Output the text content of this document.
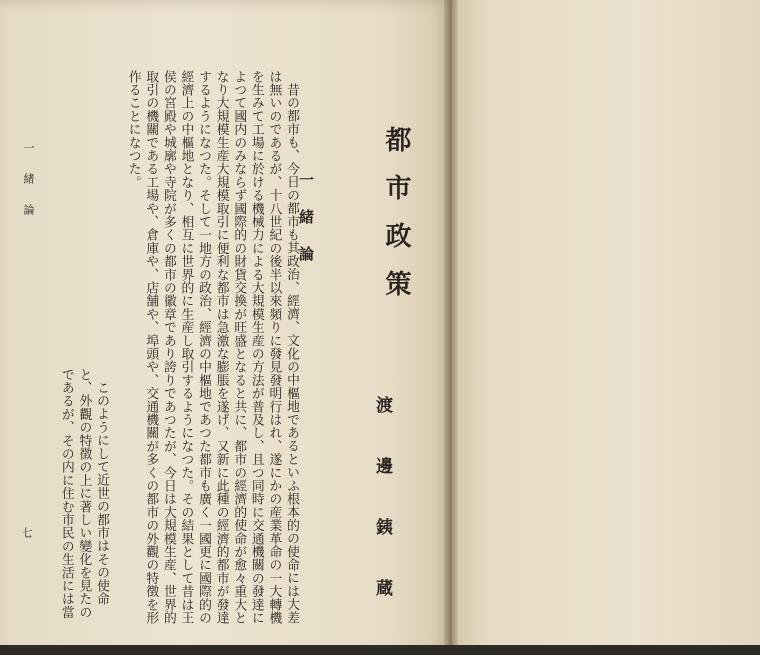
都市政策
渡邊銕蔵
一緒論

昔の都市も、今日の都市も其政治、經濟、文化の中樞地であるといふ根本的の使命には大差は無いのであるが、十八世紀の後半以來頻りに發見發明行はれ、遂にかの産業革命の一大轉機を生みて工場に於ける機械力による大規模生産の方法が普及し、且つ同時に交通機關の發達によつて國内のみならず國際的の財貨交換が旺盛となると共に、都市の經濟的使命が愈々重大となり大規模生産大規模取引に便利な都市は急激な膨脹を遂げ、又新に此種の經濟的都市が發達するようになつた。そして一地方の政治、經濟の中樞地であつた都市も廣く一國更に國際的の經濟上の中樞地となり、相互に世界的に生産し取引するようになつた。その結果として昔は王侯の宮殿や城廓や寺院が多くの都市の徽章であり誇りであつたが、今日は大規模生産、世界的取引の機關である工場や、倉庫や、店舗や、埠頭や、交通機關が多くの都市の外觀の特徴を形作ることになつた。

このようにして近世の都市はその使命と、外觀の特徴の上に著しい變化を見たのであるが、その内に住む市民の生活には當

一緒論
七
